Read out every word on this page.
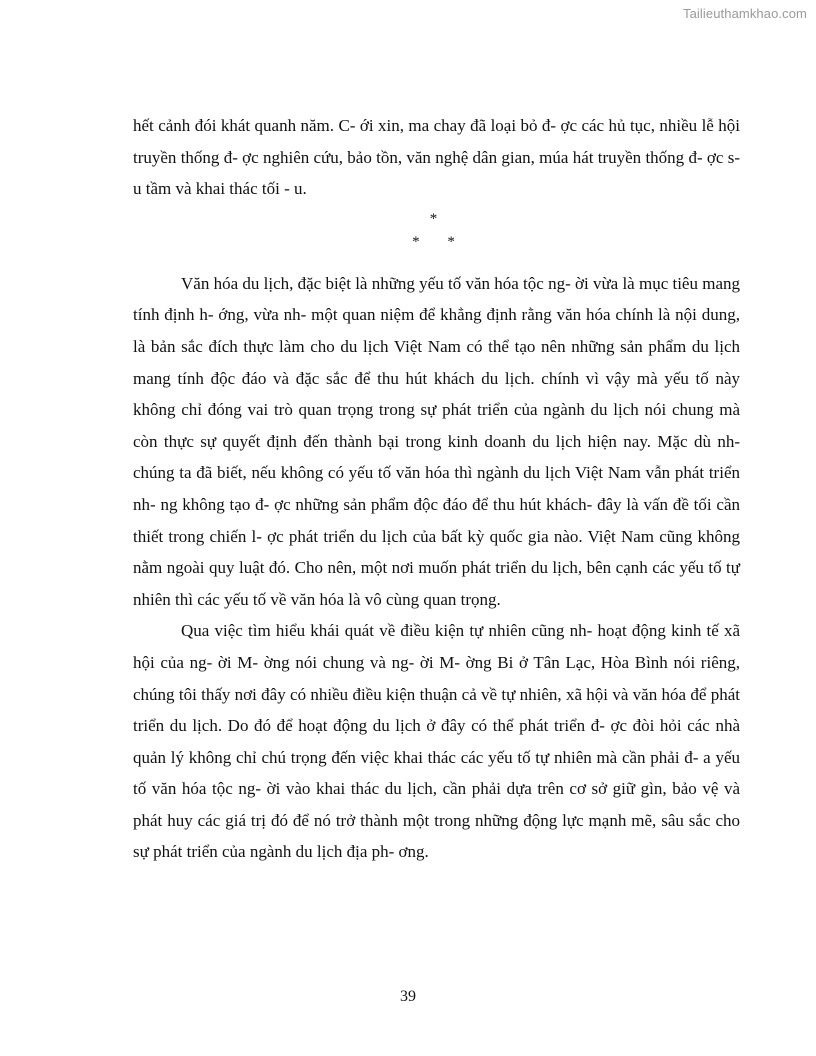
Tailieuthamkhao.com

hết cảnh đói khát quanh năm. C- ới xin, ma chay đã loại bỏ đ- ợc các hủ tục, nhiều lễ hội truyền thống đ- ợc nghiên cứu, bảo tồn, văn nghệ dân gian, múa hát truyền thống đ- ợc s- u tầm và khai thác tối - u.

*
* *

Văn hóa du lịch, đặc biệt là những yếu tố văn hóa tộc ng- ời vừa là mục tiêu mang tính định h- ớng, vừa nh- một quan niệm để khẳng định rằng văn hóa chính là nội dung, là bản sắc đích thực làm cho du lịch Việt Nam có thể tạo nên những sản phẩm du lịch mang tính độc đáo và đặc sắc để thu hút khách du lịch. chính vì vậy mà yếu tố này không chỉ đóng vai trò quan trọng trong sự phát triển của ngành du lịch nói chung mà còn thực sự quyết định đến thành bại trong kinh doanh du lịch hiện nay. Mặc dù nh- chúng ta đã biết, nếu không có yếu tố văn hóa thì ngành du lịch Việt Nam vẫn phát triển nh- ng không tạo đ- ợc những sản phẩm độc đáo để thu hút khách- đây là vấn đề tối cần thiết trong chiến l- ợc phát triển du lịch của bất kỳ quốc gia nào. Việt Nam cũng không nằm ngoài quy luật đó. Cho nên, một nơi muốn phát triển du lịch, bên cạnh các yếu tố tự nhiên thì các yếu tố về văn hóa là vô cùng quan trọng.

Qua việc tìm hiểu khái quát về điều kiện tự nhiên cũng nh- hoạt động kinh tế xã hội của ng- ời M- ờng nói chung và ng- ời M- ờng Bi ở Tân Lạc, Hòa Bình nói riêng, chúng tôi thấy nơi đây có nhiều điều kiện thuận cả về tự nhiên, xã hội và văn hóa để phát triển du lịch. Do đó để hoạt động du lịch ở đây có thể phát triển đ- ợc đòi hỏi các nhà quản lý không chỉ chú trọng đến việc khai thác các yếu tố tự nhiên mà cần phải đ- a yếu tố văn hóa tộc ng- ời vào khai thác du lịch, cần phải dựa trên cơ sở giữ gìn, bảo vệ và phát huy các giá trị đó để nó trở thành một trong những động lực mạnh mẽ, sâu sắc cho sự phát triển của ngành du lịch địa ph- ơng.

39
